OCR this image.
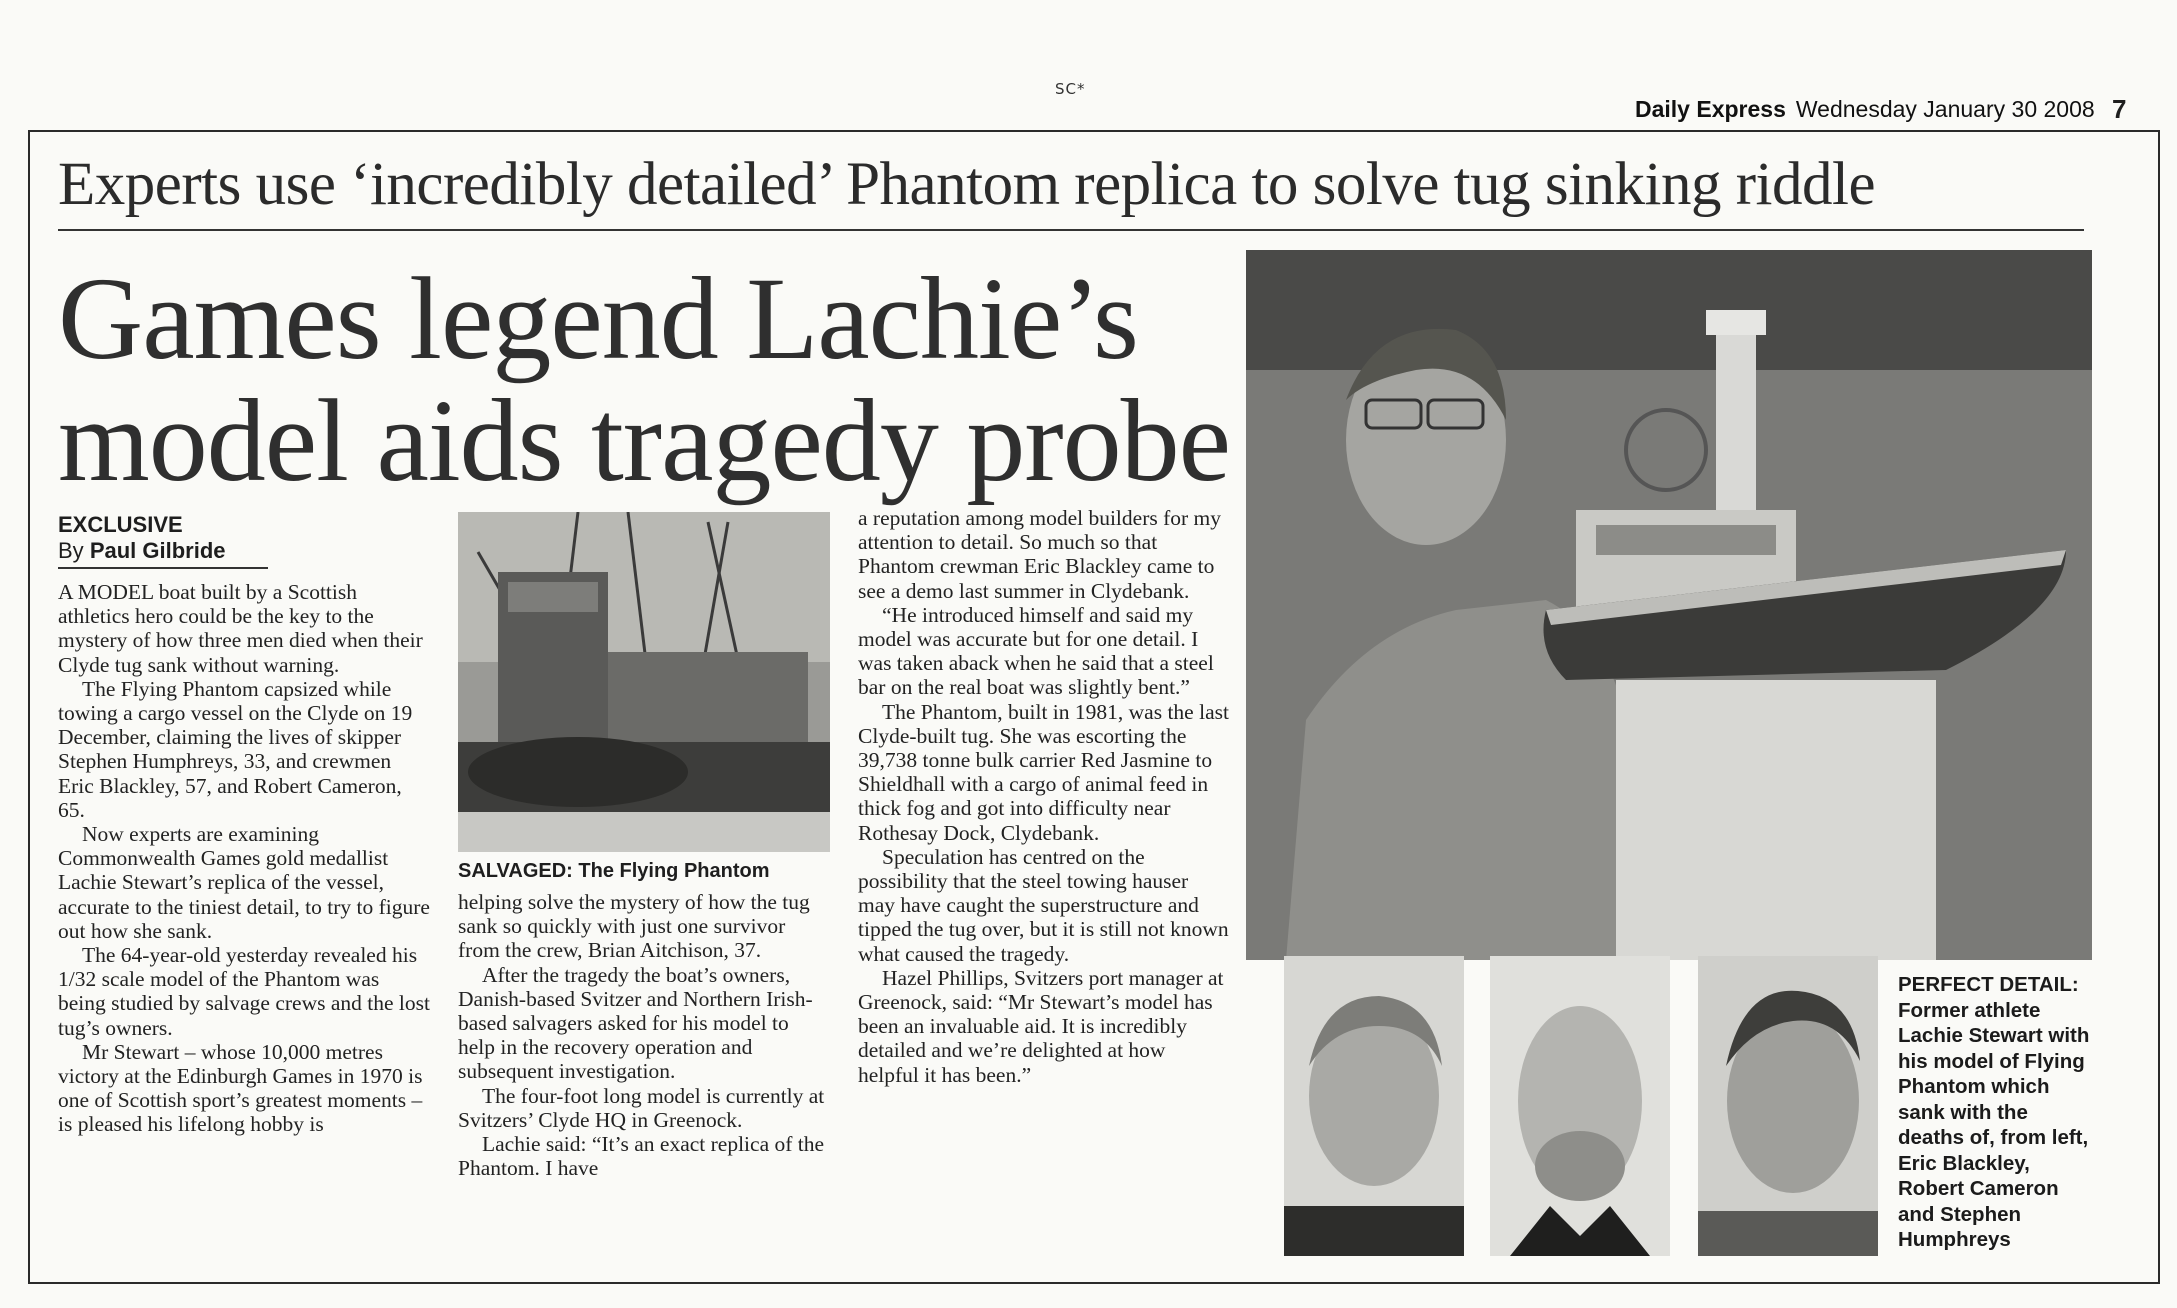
SC*
Daily Express Wednesday January 30 2008 7
Experts use ‘incredibly detailed’ Phantom replica to solve tug sinking riddle
Games legend Lachie’s
model aids tragedy probe
EXCLUSIVE
By Paul Gilbride

A MODEL boat built by a Scottish athletics hero could be the key to the mystery of how three men died when their Clyde tug sank without warning.

The Flying Phantom capsized while towing a cargo vessel on the Clyde on 19 December, claiming the lives of skipper Stephen Humphreys, 33, and crewmen Eric Blackley, 57, and Robert Cameron, 65.

Now experts are examining Commonwealth Games gold medallist Lachie Stewart’s replica of the vessel, accurate to the tiniest detail, to try to figure out how she sank.

The 64-year-old yesterday revealed his 1/32 scale model of the Phantom was being studied by salvage crews and the lost tug’s owners.

Mr Stewart – whose 10,000 metres victory at the Edinburgh Games in 1970 is one of Scottish sport’s greatest moments – is pleased his lifelong hobby is

SALVAGED: The Flying Phantom

helping solve the mystery of how the tug sank so quickly with just one survivor from the crew, Brian Aitchison, 37.

After the tragedy the boat’s owners, Danish-based Svitzer and Northern Irish-based salvagers asked for his model to help in the recovery operation and subsequent investigation.

The four-foot long model is currently at Svitzers’ Clyde HQ in Greenock.

Lachie said: “It’s an exact replica of the Phantom. I have

a reputation among model builders for my attention to detail. So much so that Phantom crewman Eric Blackley came to see a demo last summer in Clydebank.

“He introduced himself and said my model was accurate but for one detail. I was taken aback when he said that a steel bar on the real boat was slightly bent.”

The Phantom, built in 1981, was the last Clyde-built tug. She was escorting the 39,738 tonne bulk carrier Red Jasmine to Shieldhall with a cargo of animal feed in thick fog and got into difficulty near Rothesay Dock, Clydebank.

Speculation has centred on the possibility that the steel towing hauser may have caught the superstructure and tipped the tug over, but it is still not known what caused the tragedy.

Hazel Phillips, Svitzers port manager at Greenock, said: “Mr Stewart’s model has been an invaluable aid. It is incredibly detailed and we’re delighted at how helpful it has been.”

PERFECT DETAIL:
Former athlete Lachie Stewart with his model of Flying Phantom which sank with the deaths of, from left, Eric Blackley, Robert Cameron and Stephen Humphreys
